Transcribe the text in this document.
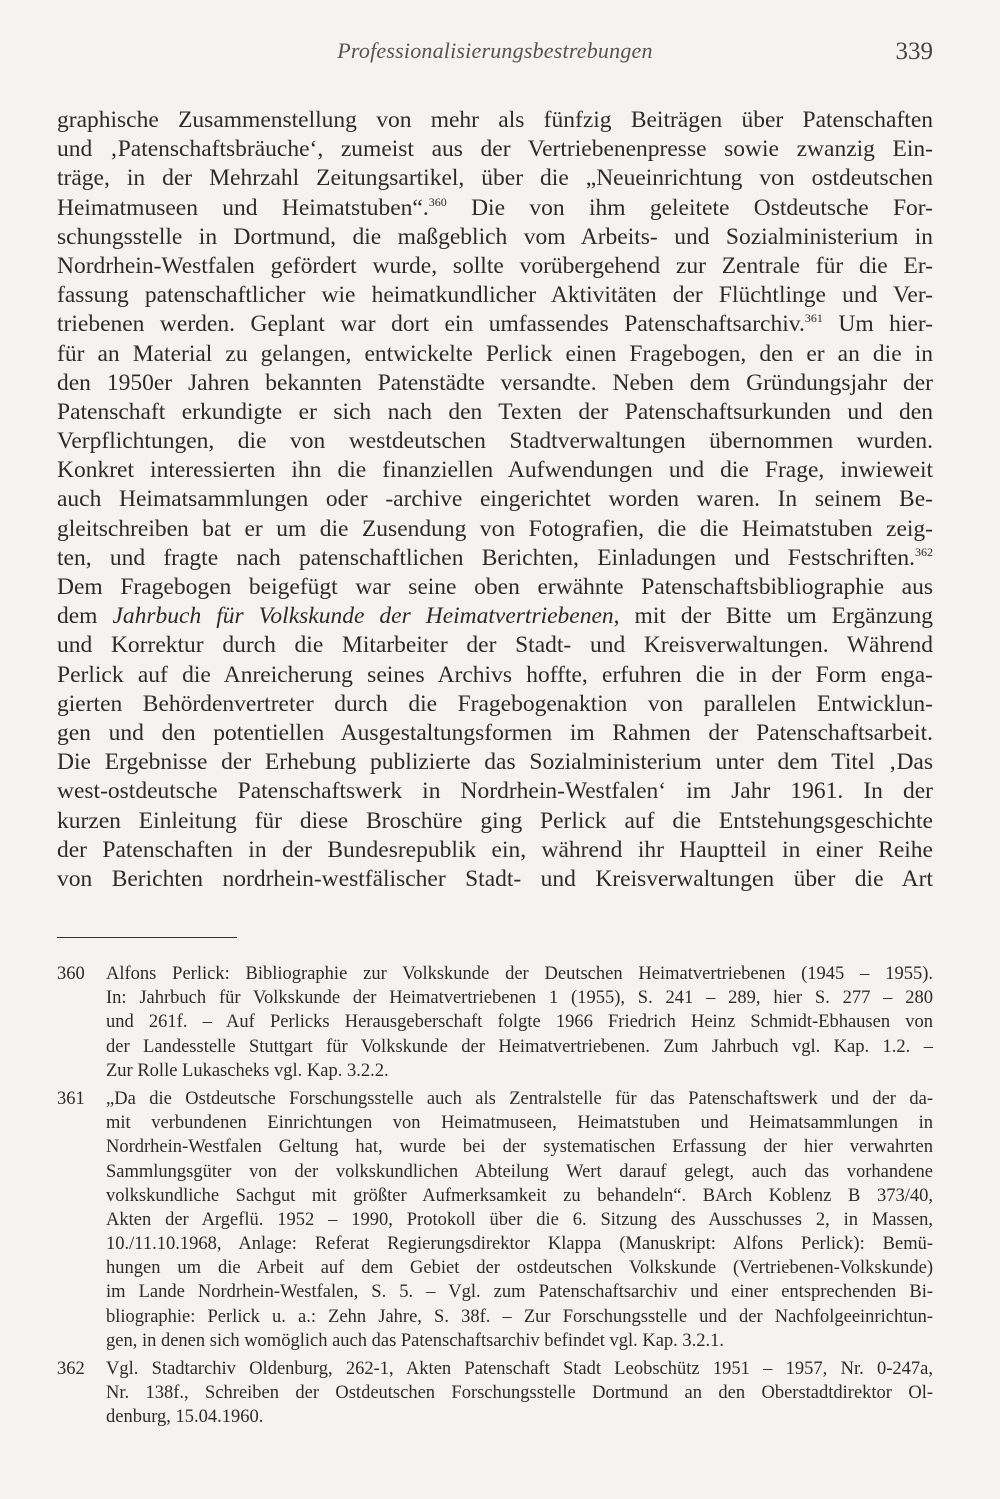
Professionalisierungsbestrebungen	339
graphische Zusammenstellung von mehr als fünfzig Beiträgen über Patenschaften
und ‚Patenschaftsbräuche‘, zumeist aus der Vertriebenenpresse sowie zwanzig Ein-
träge, in der Mehrzahl Zeitungsartikel, über die „Neueinrichtung von ostdeutschen
Heimatmuseen und Heimatstuben“.$^{360}$ Die von ihm geleitete Ostdeutsche For-
schungsstelle in Dortmund, die maßgeblich vom Arbeits- und Sozialministerium in
Nordrhein-Westfalen gefördert wurde, sollte vorübergehend zur Zentrale für die Er-
fassung patenschaftlicher wie heimatkundlicher Aktivitäten der Flüchtlinge und Ver-
triebenen werden. Geplant war dort ein umfassendes Patenschaftsarchiv.$^{361}$ Um hier-
für an Material zu gelangen, entwickelte Perlick einen Fragebogen, den er an die in
den 1950er Jahren bekannten Patenstädte versandte. Neben dem Gründungsjahr der
Patenschaft erkundigte er sich nach den Texten der Patenschaftsurkunden und den
Verpflichtungen, die von westdeutschen Stadtverwaltungen übernommen wurden.
Konkret interessierten ihn die finanziellen Aufwendungen und die Frage, inwieweit
auch Heimatsammlungen oder -archive eingerichtet worden waren. In seinem Be-
gleitschreiben bat er um die Zusendung von Fotografien, die die Heimatstuben zeig-
ten, und fragte nach patenschaftlichen Berichten, Einladungen und Festschriften.$^{362}$
Dem Fragebogen beigefügt war seine oben erwähnte Patenschaftsbibliographie aus
dem Jahrbuch für Volkskunde der Heimatvertriebenen, mit der Bitte um Ergänzung
und Korrektur durch die Mitarbeiter der Stadt- und Kreisverwaltungen. Während
Perlick auf die Anreicherung seines Archivs hoffte, erfuhren die in der Form enga-
gierten Behördenvertreter durch die Fragebogenaktion von parallelen Entwicklun-
gen und den potentiellen Ausgestaltungsformen im Rahmen der Patenschaftsarbeit.
Die Ergebnisse der Erhebung publizierte das Sozialministerium unter dem Titel ‚Das
west-ostdeutsche Patenschaftswerk in Nordrhein-Westfalen‘ im Jahr 1961. In der
kurzen Einleitung für diese Broschüre ging Perlick auf die Entstehungsgeschichte
der Patenschaften in der Bundesrepublik ein, während ihr Hauptteil in einer Reihe
von Berichten nordrhein-westfälischer Stadt- und Kreisverwaltungen über die Art
360 Alfons Perlick: Bibliographie zur Volkskunde der Deutschen Heimatvertriebenen (1945 – 1955).
In: Jahrbuch für Volkskunde der Heimatvertriebenen 1 (1955), S. 241 – 289, hier S. 277 – 280
und 261f. – Auf Perlicks Herausgeberschaft folgte 1966 Friedrich Heinz Schmidt-Ebhausen von
der Landesstelle Stuttgart für Volkskunde der Heimatvertriebenen. Zum Jahrbuch vgl. Kap. 1.2. –
Zur Rolle Lukascheks vgl. Kap. 3.2.2.
361 „Da die Ostdeutsche Forschungsstelle auch als Zentralstelle für das Patenschaftswerk und der da-
mit verbundenen Einrichtungen von Heimatmuseen, Heimatstuben und Heimatsammlungen in
Nordrhein-Westfalen Geltung hat, wurde bei der systematischen Erfassung der hier verwahrten
Sammlungsgüter von der volkskundlichen Abteilung Wert darauf gelegt, auch das vorhandene
volkskundliche Sachgut mit größter Aufmerksamkeit zu behandeln“. BArch Koblenz B 373/40,
Akten der Argeflü. 1952 – 1990, Protokoll über die 6. Sitzung des Ausschusses 2, in Massen,
10./11.10.1968, Anlage: Referat Regierungsdirektor Klappa (Manuskript: Alfons Perlick): Bemü-
hungen um die Arbeit auf dem Gebiet der ostdeutschen Volkskunde (Vertriebenen-Volkskunde)
im Lande Nordrhein-Westfalen, S. 5. – Vgl. zum Patenschaftsarchiv und einer entsprechenden Bi-
bliographie: Perlick u. a.: Zehn Jahre, S. 38f. – Zur Forschungsstelle und der Nachfolgeeinrichtun-
gen, in denen sich womöglich auch das Patenschaftsarchiv befindet vgl. Kap. 3.2.1.
362 Vgl. Stadtarchiv Oldenburg, 262-1, Akten Patenschaft Stadt Leobschütz 1951 – 1957, Nr. 0-247a,
Nr. 138f., Schreiben der Ostdeutschen Forschungsstelle Dortmund an den Oberstadtdirektor Ol-
denburg, 15.04.1960.
